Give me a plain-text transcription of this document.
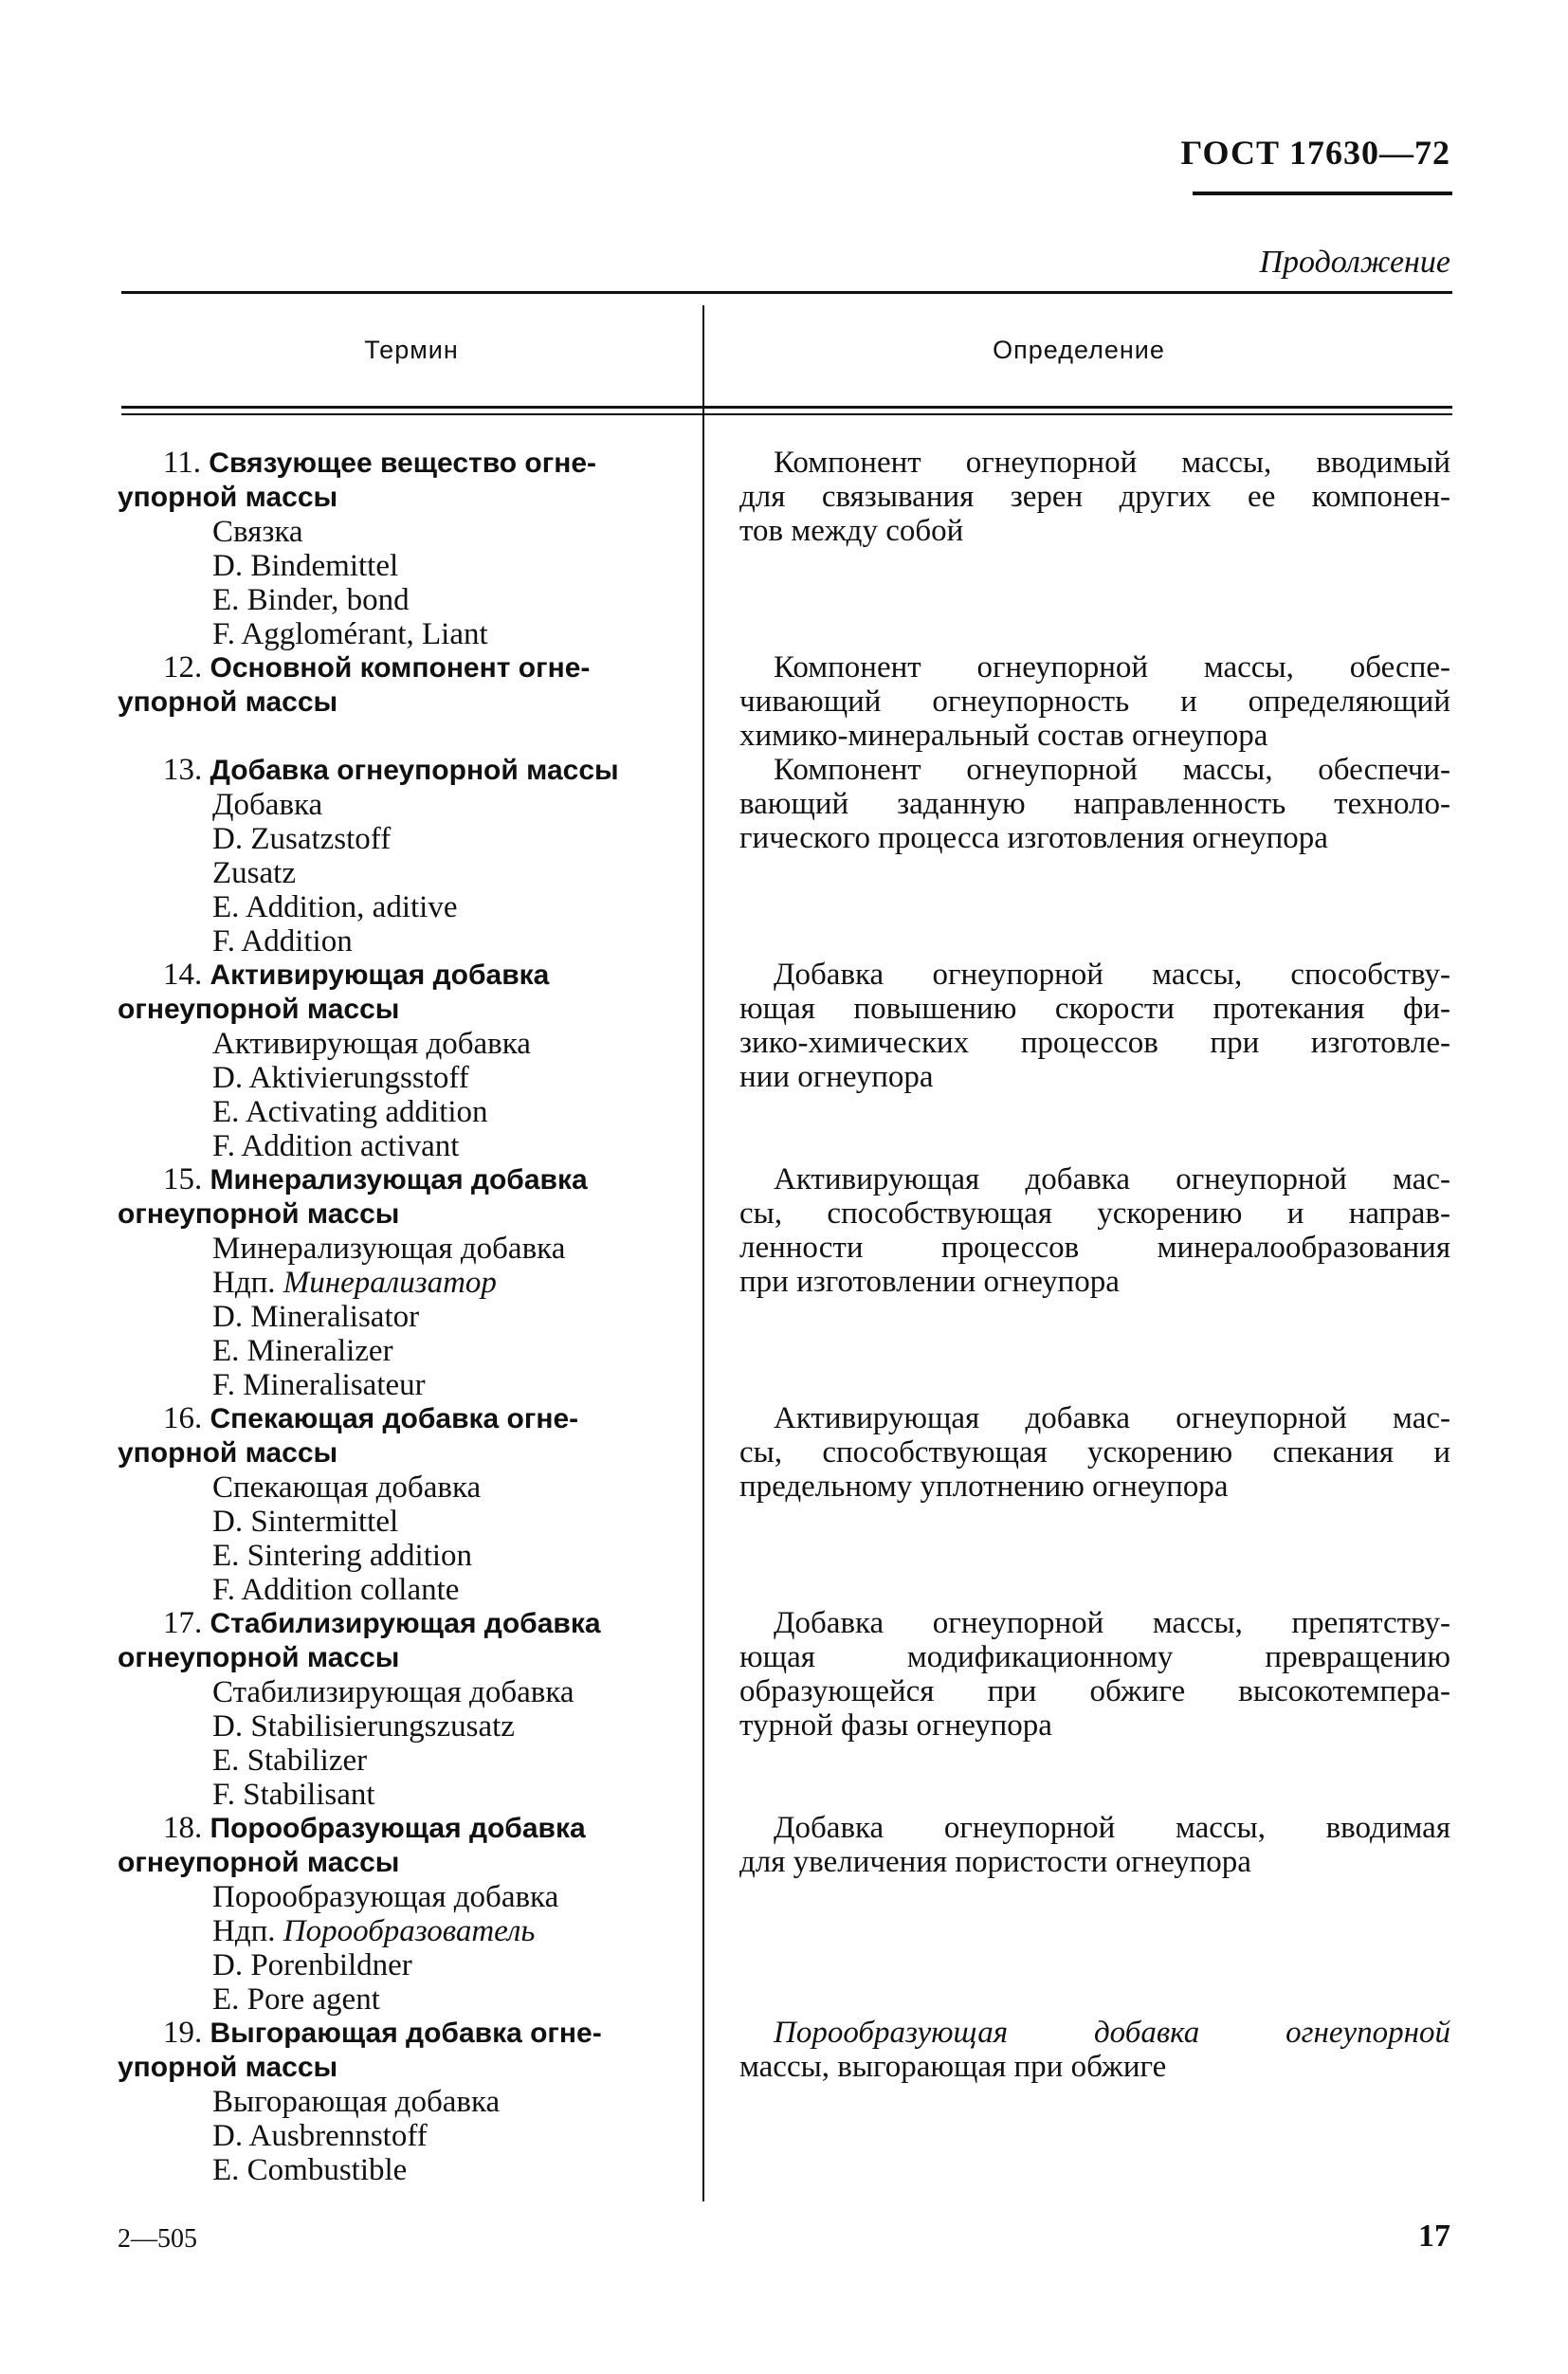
ГОСТ 17630—72
Продолжение
Термин	Определение
11. Связующее вещество огне-
упорной массы
Связка
D. Bindemittel
E. Binder, bond
F. Agglomérant, Liant
Компонент огнеупорной массы, вводимый
для связывания зерен других ее компонен-
тов между собой
12. Основной компонент огне-
упорной массы
Компонент огнеупорной массы, обеспе-
чивающий огнеупорность и определяющий
химико-минеральный состав огнеупора
13. Добавка огнеупорной массы
Добавка
D. Zusatzstoff
Zusatz
E. Addition, aditive
F. Addition
Компонент огнеупорной массы, обеспечи-
вающий заданную направленность техноло-
гического процесса изготовления огнеупора
14. Активирующая добавка
огнеупорной массы
Активирующая добавка
D. Aktivierungsstoff
E. Activating addition
F. Addition activant
Добавка огнеупорной массы, способству-
ющая повышению скорости протекания фи-
зико-химических процессов при изготовле-
нии огнеупора
15. Минерализующая добавка
огнеупорной массы
Минерализующая добавка
Ндп. Минерализатор
D. Mineralisator
E. Mineralizer
F. Mineralisateur
Активирующая добавка огнеупорной мас-
сы, способствующая ускорению и направ-
ленности процессов минералообразования
при изготовлении огнеупора
16. Спекающая добавка огне-
упорной массы
Спекающая добавка
D. Sintermittel
E. Sintering addition
F. Addition collante
Активирующая добавка огнеупорной мас-
сы, способствующая ускорению спекания и
предельному уплотнению огнеупора
17. Стабилизирующая добавка
огнеупорной массы
Стабилизирующая добавка
D. Stabilisierungszusatz
E. Stabilizer
F. Stabilisant
Добавка огнеупорной массы, препятству-
ющая модификационному превращению
образующейся при обжиге высокотемпера-
турной фазы огнеупора
18. Порообразующая добавка
огнеупорной массы
Порообразующая добавка
Ндп. Порообразователь
D. Porenbildner
E. Pore agent
Добавка огнеупорной массы, вводимая
для увеличения пористости огнеупора
19. Выгорающая добавка огне-
упорной массы
Выгорающая добавка
D. Ausbrennstoff
E. Combustible
Порообразующая добавка огнеупорной
массы, выгорающая при обжиге
2—505	17
